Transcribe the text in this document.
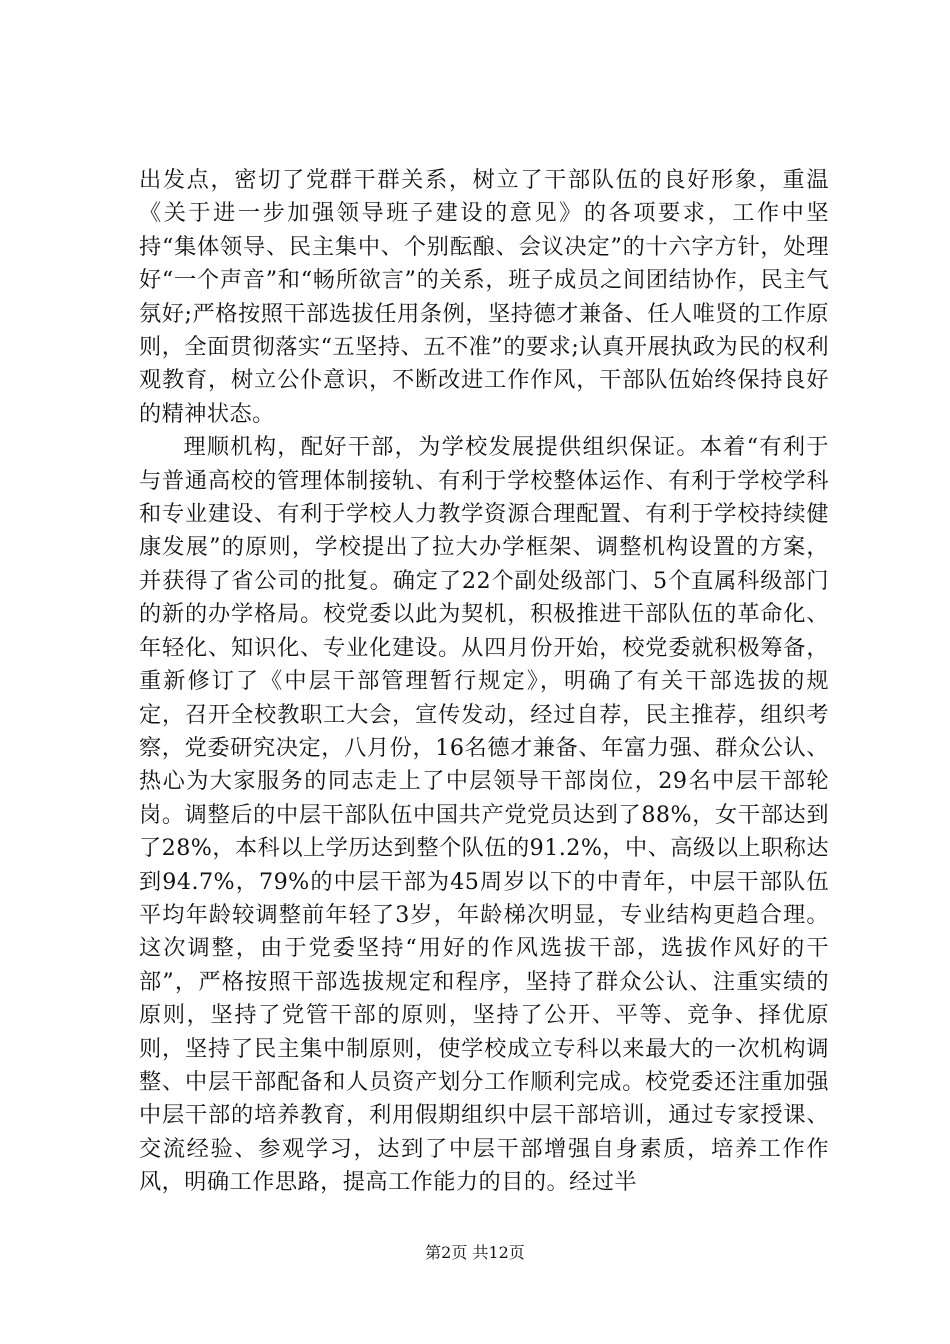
出发点，密切了党群干群关系，树立了干部队伍的良好形象，重温《关于进一步加强领导班子建设的意见》的各项要求，工作中坚持“集体领导、民主集中、个别酝酿、会议决定”的十六字方针，处理好“一个声音”和“畅所欲言”的关系，班子成员之间团结协作，民主气氛好;严格按照干部选拔任用条例，坚持德才兼备、任人唯贤的工作原则，全面贯彻落实“五坚持、五不准”的要求;认真开展执政为民的权利观教育，树立公仆意识，不断改进工作作风，干部队伍始终保持良好的精神状态。

理顺机构，配好干部，为学校发展提供组织保证。本着“有利于与普通高校的管理体制接轨、有利于学校整体运作、有利于学校学科和专业建设、有利于学校人力教学资源合理配置、有利于学校持续健康发展”的原则，学校提出了拉大办学框架、调整机构设置的方案，并获得了省公司的批复。确定了22个副处级部门、5个直属科级部门的新的办学格局。校党委以此为契机，积极推进干部队伍的革命化、年轻化、知识化、专业化建设。从四月份开始，校党委就积极筹备，重新修订了《中层干部管理暂行规定》，明确了有关干部选拔的规定，召开全校教职工大会，宣传发动，经过自荐，民主推荐，组织考察，党委研究决定，八月份，16名德才兼备、年富力强、群众公认、热心为大家服务的同志走上了中层领导干部岗位，29名中层干部轮岗。调整后的中层干部队伍中国共产党党员达到了88%，女干部达到了28%，本科以上学历达到整个队伍的91.2%，中、高级以上职称达到94.7%，79%的中层干部为45周岁以下的中青年，中层干部队伍平均年龄较调整前年轻了3岁，年龄梯次明显，专业结构更趋合理。这次调整，由于党委坚持“用好的作风选拔干部，选拔作风好的干部”，严格按照干部选拔规定和程序，坚持了群众公认、注重实绩的原则，坚持了党管干部的原则，坚持了公开、平等、竞争、择优原则，坚持了民主集中制原则，使学校成立专科以来最大的一次机构调整、中层干部配备和人员资产划分工作顺利完成。校党委还注重加强中层干部的培养教育，利用假期组织中层干部培训，通过专家授课、交流经验、参观学习，达到了中层干部增强自身素质，培养工作作风，明确工作思路，提高工作能力的目的。经过半

第2页 共12页
